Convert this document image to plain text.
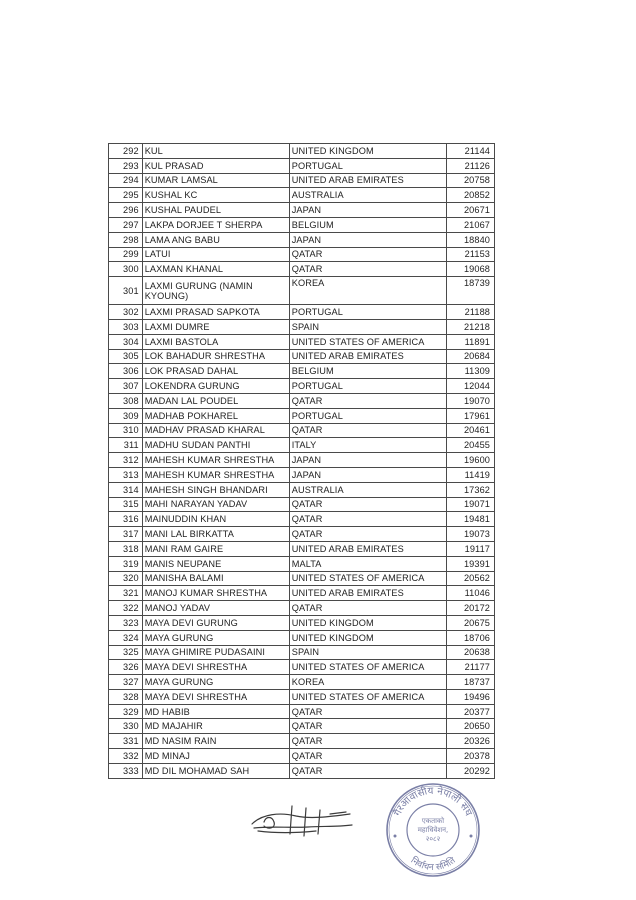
292	KUL	UNITED KINGDOM	21144
293	KUL PRASAD	PORTUGAL	21126
294	KUMAR LAMSAL	UNITED ARAB EMIRATES	20758
295	KUSHAL KC	AUSTRALIA	20852
296	KUSHAL PAUDEL	JAPAN	20671
297	LAKPA DORJEE T SHERPA	BELGIUM	21067
298	LAMA ANG BABU	JAPAN	18840
299	LATUI	QATAR	21153
300	LAXMAN KHANAL	QATAR	19068
301	LAXMI GURUNG (NAMIN KYOUNG)	KOREA	18739
302	LAXMI PRASAD SAPKOTA	PORTUGAL	21188
303	LAXMI DUMRE	SPAIN	21218
304	LAXMI BASTOLA	UNITED STATES OF AMERICA	11891
305	LOK BAHADUR SHRESTHA	UNITED ARAB EMIRATES	20684
306	LOK PRASAD DAHAL	BELGIUM	11309
307	LOKENDRA GURUNG	PORTUGAL	12044
308	MADAN LAL POUDEL	QATAR	19070
309	MADHAB POKHAREL	PORTUGAL	17961
310	MADHAV PRASAD KHARAL	QATAR	20461
311	MADHU SUDAN PANTHI	ITALY	20455
312	MAHESH KUMAR SHRESTHA	JAPAN	19600
313	MAHESH KUMAR SHRESTHA	JAPAN	11419
314	MAHESH SINGH BHANDARI	AUSTRALIA	17362
315	MAHI NARAYAN YADAV	QATAR	19071
316	MAINUDDIN KHAN	QATAR	19481
317	MANI LAL BIRKATTA	QATAR	19073
318	MANI RAM GAIRE	UNITED ARAB EMIRATES	19117
319	MANIS NEUPANE	MALTA	19391
320	MANISHA BALAMI	UNITED STATES OF AMERICA	20562
321	MANOJ KUMAR SHRESTHA	UNITED ARAB EMIRATES	11046
322	MANOJ YADAV	QATAR	20172
323	MAYA DEVI GURUNG	UNITED KINGDOM	20675
324	MAYA GURUNG	UNITED KINGDOM	18706
325	MAYA GHIMIRE PUDASAINI	SPAIN	20638
326	MAYA DEVI SHRESTHA	UNITED STATES OF AMERICA	21177
327	MAYA GURUNG	KOREA	18737
328	MAYA DEVI SHRESTHA	UNITED STATES OF AMERICA	19496
329	MD HABIB	QATAR	20377
330	MD MAJAHIR	QATAR	20650
331	MD NASIM RAIN	QATAR	20326
332	MD MINAJ	QATAR	20378
333	MD DIL MOHAMAD SAH	QATAR	20292
गैरआवासीय नेपाली संघ
निर्वाचन समिति
एकताको
महाधिवेशन,
२०८२
